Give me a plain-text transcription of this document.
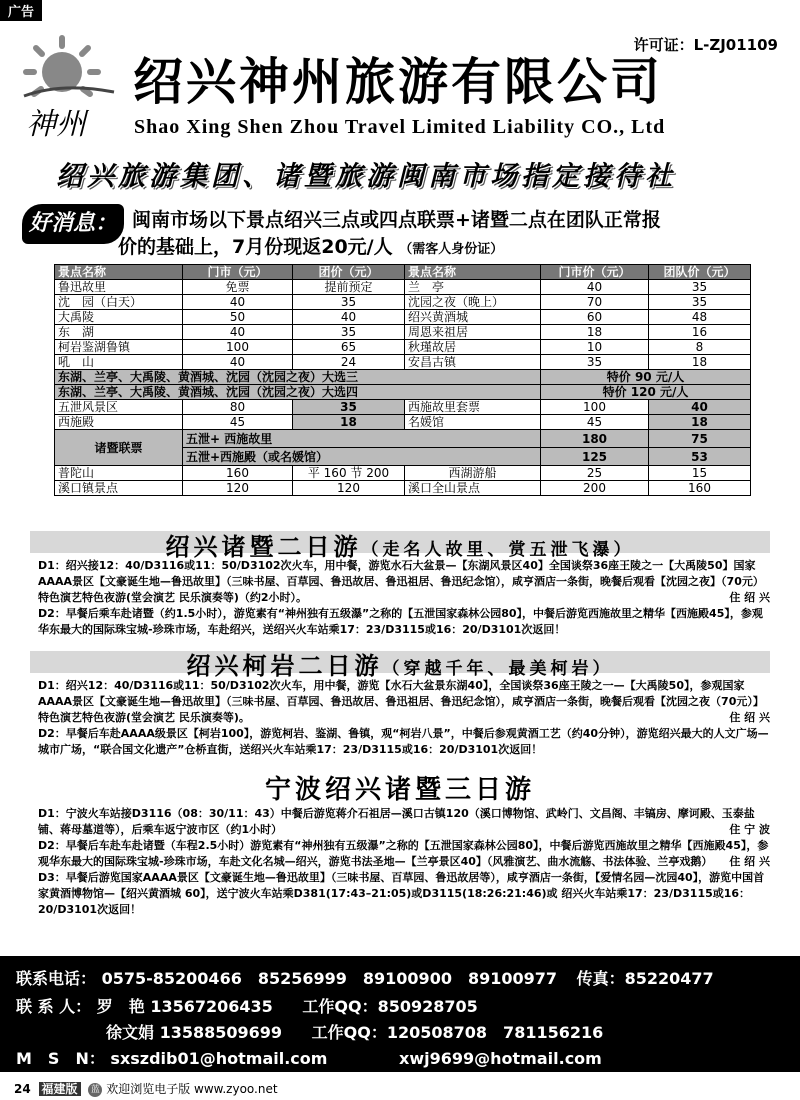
广告
神州
许可证：L-ZJ01109
绍兴神州旅游有限公司
Shao Xing Shen Zhou Travel Limited Liability CO., Ltd
绍兴旅游集团、诸暨旅游闽南市场指定接待社
好消息： 闽南市场以下景点绍兴三点或四点联票+诸暨二点在团队正常报
价的基础上，7月份现返20元/人 （需客人身份证）
景点名称	门市（元）	团价（元）	景点名称	门市价（元）	团队价（元）
鲁迅故里	免票	提前预定	兰　亭	40	35
沈　园（白天）	40	35	沈园之夜（晚上）	70	35
大禹陵	50	40	绍兴黄酒城	60	48
东　湖	40	35	周恩来祖居	18	16
柯岩鉴湖鲁镇	100	65	秋瑾故居	10	8
吼　山	40	24	安昌古镇	35	18
东湖、兰亭、大禹陵、黄酒城、沈园（沈园之夜）大选三				特价 90 元/人	
东湖、兰亭、大禹陵、黄酒城、沈园（沈园之夜）大选四				特价 120 元/人	
五泄风景区	80	35	西施故里套票	100	40
西施殿	45	18	名媛馆	45	18
诸暨联票	五泄+ 西施故里			180	75
	五泄+西施殿（或名媛馆）			125	53
普陀山	160	平 160 节 200	西湖游船	25	15
溪口镇景点	120	120	溪口全山景点	200	160
绍兴诸暨二日游（走名人故里、赏五泄飞瀑）
D1：绍兴接12：40/D3116或11：50/D3102次火车，用中餐，游览水石大盆景—【东湖风景区40】全国谈祭36座王陵之一【大禹陵50】国家AAAA景区【文豪诞生地—鲁迅故里】（三味书屋、百草园、鲁迅故居、鲁迅祖居、鲁迅纪念馆），咸亨酒店一条街，晚餐后观看【沈园之夜】（70元）特色演艺特色夜游(堂会演艺 民乐演奏等)（约2小时）。	住 绍 兴
D2：早餐后乘车赴诸暨（约1.5小时），游览素有“神州独有五级瀑”之称的【五泄国家森林公园80】，中餐后游览西施故里之精华【西施殿45】，参观华东最大的国际珠宝城-珍珠市场，车赴绍兴，送绍兴火车站乘17：23/D3115或16：20/D3101次返回！
绍兴柯岩二日游（穿越千年、最美柯岩）
D1：绍兴12：40/D3116或11：50/D3102次火车，用中餐，游览【水石大盆景东湖40】，全国谈祭36座王陵之一—【大禹陵50】，参观国家AAAA景区【文豪诞生地—鲁迅故里】（三味书屋、百草园、鲁迅故居、鲁迅祖居、鲁迅纪念馆），咸亨酒店一条街，晚餐后观看【沈园之夜（70元）】特色演艺特色夜游(堂会演艺 民乐演奏等)。	住 绍 兴
D2：早餐后车赴AAAA级景区【柯岩100】，游览柯岩、鉴湖、鲁镇，观“柯岩八景”，中餐后参观黄酒工艺（约40分钟），游览绍兴最大的人文广场—城市广场，“联合国文化遗产”仓桥直街，送绍兴火车站乘17：23/D3115或16：20/D3101次返回！
宁波绍兴诸暨三日游
D1：宁波火车站接D3116（08：30/11：43）中餐后游览蒋介石祖居—溪口古镇120（溪口博物馆、武岭门、文昌阁、丰镐房、摩诃殿、玉泰盐铺、蒋母墓道等），后乘车返宁波市区（约1小时）	住 宁 波
D2：早餐后车赴车赴诸暨（车程2.5小时）游览素有“神州独有五级瀑”之称的【五泄国家森林公园80】，中餐后游览西施故里之精华【西施殿45】，参观华东最大的国际珠宝城-珍珠市场，车赴文化名城—绍兴，游览书法圣地—【兰亭景区40】（风雅演艺、曲水流觞、书法体验、兰亭戏鹅） 住 绍 兴
D3：早餐后游览国家AAAA景区【文豪诞生地—鲁迅故里】（三味书屋、百草园、鲁迅故居等），咸亨酒店一条街，【爱情名园—沈园40】，游览中国首家黄酒博物馆—【绍兴黄酒城 60】，送宁波火车站乘D381(17:43–21:05)或D3115(18:26:21:46)或 绍兴火车站乘17：23/D3115或16：20/D3101次返回！
联系电话： 0575-85200466　85256999　89100900　89100977 传真：85220477
联 系 人： 罗　艳 13567206435 工作QQ：850928705
徐文娟 13588509699 工作QQ：120508708　781156216
M　S　N： sxszdib01@hotmail.com	xwj9699@hotmail.com
24 福建版 蓝 欢迎浏览电子版 www.zyoo.net
